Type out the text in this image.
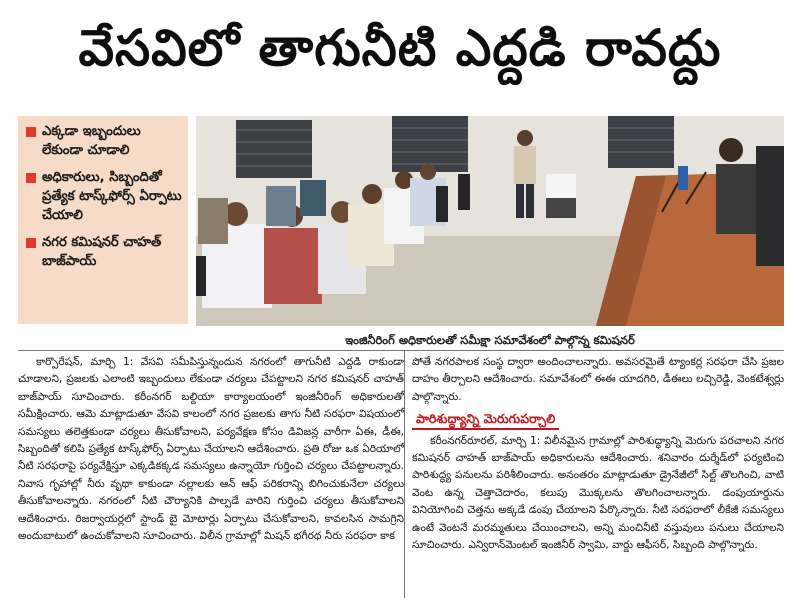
వేసవిలో తాగునీటి ఎద్దడి రావద్దు
ఎక్కడా ఇబ్బందులు లేకుండా చూడాలి
అధికారులు, సిబ్బందితో ప్రత్యేక టాస్క్‌ఫోర్స్ ఏర్పాటు చేయాలి
నగర కమిషనర్ చాహత్ బాజ్‌పాయ్
ఇంజినీరింగ్ అధికారులతో సమీక్షా సమావేశంలో పాల్గొన్న కమిషనర్

కార్పొరేషన్, మార్చి 1: వేసవి సమీపిస్తున్నందున నగరంలో తాగునీటి ఎద్దడి రాకుండా చూడాలని, ప్రజలకు ఎలాంటి ఇబ్బందులు లేకుండా చర్యలు చేపట్టాలని నగర కమిషనర్ చాహత్ బాజ్‌పాయ్ సూచించారు. కరీంనగర్ బల్దియా కార్యాలయంలో ఇంజినీరింగ్ అధికారులతో సమీక్షించారు. ఆమె మాట్లాడుతూ వేసవి కాలంలో నగర ప్రజలకు తాగు నీటి సరఫరా విషయంలో సమస్యలు తలెత్తకుండా చర్యలు తీసుకోవాలని, పర్యవేక్షణ కోసం డివిజన్ల వారీగా ఏఈ, డీఈ, సిబ్బందితో కలిపి ప్రత్యేక టాస్క్‌ఫోర్స్ ఏర్పాటు చేయాలని ఆదేశించారు. ప్రతి రోజు ఒక ఏరియాలో నీటి సరఫరాపై పర్యవేక్షిస్తూ ఎక్కడికక్కడ సమస్యలు ఉన్నాయో గుర్తించి చర్యలు చేపట్టాలన్నారు. నివాస గృహాల్లో నీరు వృథా కాకుండా నల్లాలకు ఆన్ ఆఫ్ పరికరాన్ని బిగించుకునేలా చర్యలు తీసుకోవాలన్నారు. నగరంలో నీటి చౌర్యానికి పాల్పడే వారిని గుర్తించి చర్యలు తీసుకోవాలని ఆదేశించారు. రిజర్వాయర్లలో స్టాండ్ బై మోటార్లు ఏర్పాటు చేసుకోవాలని, కావలసిన సామగ్రిని అందుబాటులో ఉంచుకోవాలని సూచించారు. విలీన గ్రామాల్లో మిషన్ భగీరథ నీరు సరఫరా కాక

పోతే నగరపాలక సంస్థ ద్వారా అందించాలన్నారు. అవసరమైతే ట్యాంకర్ల సరఫరా చేసి ప్రజల దాహం తీర్చాలని ఆదేశించారు. సమావేశంలో ఈఈ యాదగిరి, డీఈలు లచ్చిరెడ్డి, వెంకటేశ్వర్లు పాల్గొన్నారు.

పారిశుద్ధ్యాన్ని మెరుగుపర్చాలి

కరీంనగర్‌రూరల్, మార్చి 1: విలీనమైన గ్రామాల్లో పారిశుద్ధ్యాన్ని మెరుగు పరచాలని నగర కమిషనర్ చాహత్ బాజ్‌పాయ్ అధికారులను ఆదేశించారు. శనివారం దుర్శేడ్‌లో పర్యటించి పారిశుద్ధ్య పనులను పరిశీలించారు. అనంతరం మాట్లాడుతూ డ్రైనేజీలో సిల్ట్ తొలగించి, వాటి వెంట ఉన్న చెత్తాచెదారం, కలుపు మొక్కలను తొలగించాలన్నారు. డంపుయార్డును వినియోగించి చెత్తను అక్కడే డంపు చేయాలని పేర్కొన్నారు. నీటి సరఫరాలో లీకేజీ సమస్యలు ఉంటే వెంటనే మరమ్మతులు చేయించాలని, అన్ని మంచినీటి వస్తువులు పనులు చేయాలని సూచించారు. ఎన్విరాన్‌మెంటల్ ఇంజినీర్ స్వామి, వార్డు ఆఫీసర్, సిబ్బంది పాల్గొన్నారు.
